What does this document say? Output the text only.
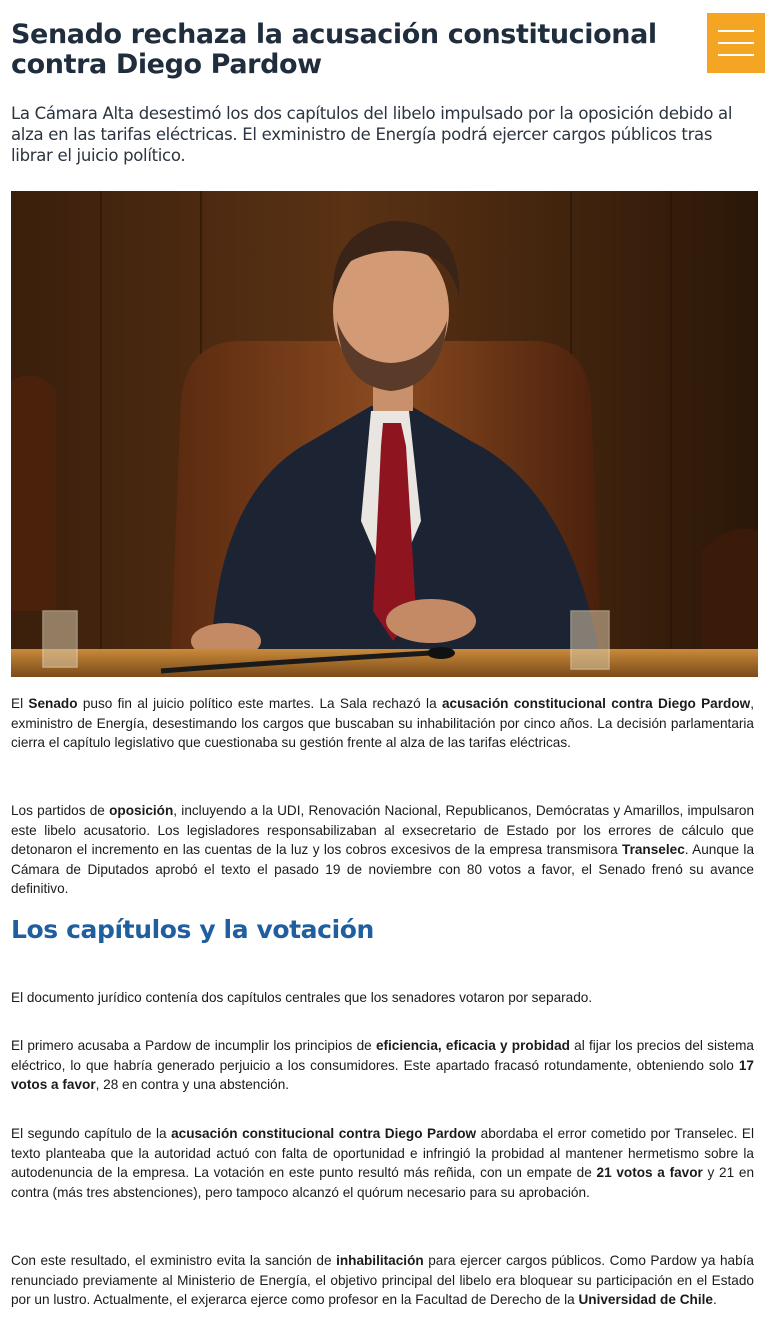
Senado rechaza la acusación constitucional contra Diego Pardow

La Cámara Alta desestimó los dos capítulos del libelo impulsado por la oposición debido al alza en las tarifas eléctricas. El exministro de Energía podrá ejercer cargos públicos tras librar el juicio político.

El Senado puso fin al juicio político este martes. La Sala rechazó la acusación constitucional contra Diego Pardow, exministro de Energía, desestimando los cargos que buscaban su inhabilitación por cinco años. La decisión parlamentaria cierra el capítulo legislativo que cuestionaba su gestión frente al alza de las tarifas eléctricas.

Los partidos de oposición, incluyendo a la UDI, Renovación Nacional, Republicanos, Demócratas y Amarillos, impulsaron este libelo acusatorio. Los legisladores responsabilizaban al exsecretario de Estado por los errores de cálculo que detonaron el incremento en las cuentas de la luz y los cobros excesivos de la empresa transmisora Transelec. Aunque la Cámara de Diputados aprobó el texto el pasado 19 de noviembre con 80 votos a favor, el Senado frenó su avance definitivo.

Los capítulos y la votación

El documento jurídico contenía dos capítulos centrales que los senadores votaron por separado.

El primero acusaba a Pardow de incumplir los principios de eficiencia, eficacia y probidad al fijar los precios del sistema eléctrico, lo que habría generado perjuicio a los consumidores. Este apartado fracasó rotundamente, obteniendo solo 17 votos a favor, 28 en contra y una abstención.

El segundo capítulo de la acusación constitucional contra Diego Pardow abordaba el error cometido por Transelec. El texto planteaba que la autoridad actuó con falta de oportunidad e infringió la probidad al mantener hermetismo sobre la autodenuncia de la empresa. La votación en este punto resultó más reñida, con un empate de 21 votos a favor y 21 en contra (más tres abstenciones), pero tampoco alcanzó el quórum necesario para su aprobación.

Con este resultado, el exministro evita la sanción de inhabilitación para ejercer cargos públicos. Como Pardow ya había renunciado previamente al Ministerio de Energía, el objetivo principal del libelo era bloquear su participación en el Estado por un lustro. Actualmente, el exjerarca ejerce como profesor en la Facultad de Derecho de la Universidad de Chile.
